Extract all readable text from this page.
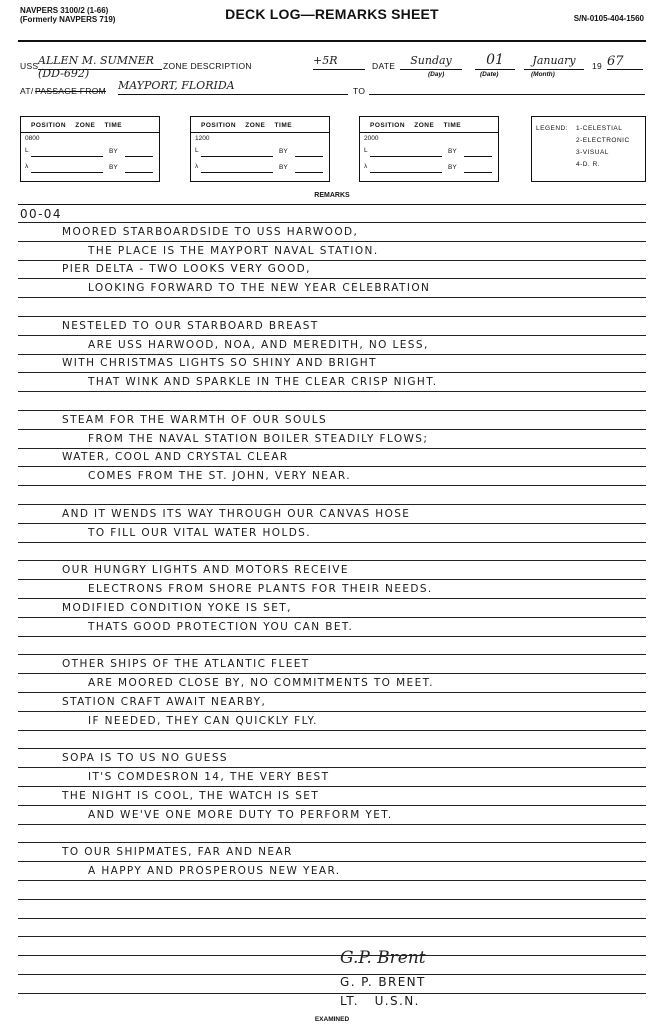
NAVPERS 3100/2 (1-66)
(Formerly NAVPERS 719)	DECK LOG—REMARKS SHEET	S/N-0105-404-1560
USS ALLEN M. SUMNER (DD-692)
ZONE DESCRIPTION	+5R	DATE	Sunday	01	January	19 67
(Day)	(Date)	(Month)
AT/ PASSAGE FROM MAYPORT, FLORIDA	TO
POSITION    ZONE    TIME
0800
L	BY
λ	BY
POSITION    ZONE    TIME
1200
L	BY
λ	BY
POSITION    ZONE    TIME
2000
L	BY
λ	BY
LEGEND: 1-CELESTIAL
2-ELECTRONIC
3-VISUAL
4-D. R.
REMARKS
00-04
MOORED STARBOARDSIDE TO USS HARWOOD,
THE PLACE IS THE MAYPORT NAVAL STATION.
PIER DELTA - TWO LOOKS VERY GOOD,
LOOKING FORWARD TO THE NEW YEAR CELEBRATION
NESTELED TO OUR STARBOARD BREAST
ARE USS HARWOOD, NOA, AND MEREDITH, NO LESS,
WITH CHRISTMAS LIGHTS SO SHINY AND BRIGHT
THAT WINK AND SPARKLE IN THE CLEAR CRISP NIGHT.
STEAM FOR THE WARMTH OF OUR SOULS
FROM THE NAVAL STATION BOILER STEADILY FLOWS;
WATER, COOL AND CRYSTAL CLEAR
COMES FROM THE ST. JOHN, VERY NEAR.
AND IT WENDS ITS WAY THROUGH OUR CANVAS HOSE
TO FILL OUR VITAL WATER HOLDS.
OUR HUNGRY LIGHTS AND MOTORS RECEIVE
ELECTRONS FROM SHORE PLANTS FOR THEIR NEEDS.
MODIFIED CONDITION YOKE IS SET,
THATS GOOD PROTECTION YOU CAN BET.
OTHER SHIPS OF THE ATLANTIC FLEET
ARE MOORED CLOSE BY, NO COMMITMENTS TO MEET.
STATION CRAFT AWAIT NEARBY,
IF NEEDED, THEY CAN QUICKLY FLY.
SOPA IS TO US NO GUESS
IT'S COMDESRON 14, THE VERY BEST
THE NIGHT IS COOL, THE WATCH IS SET
AND WE'VE ONE MORE DUTY TO PERFORM YET.
TO OUR SHIPMATES, FAR AND NEAR
A HAPPY AND PROSPEROUS NEW YEAR.
G.P. Brent
G. P. BRENT
LT.   U.S.N.
EXAMINED
